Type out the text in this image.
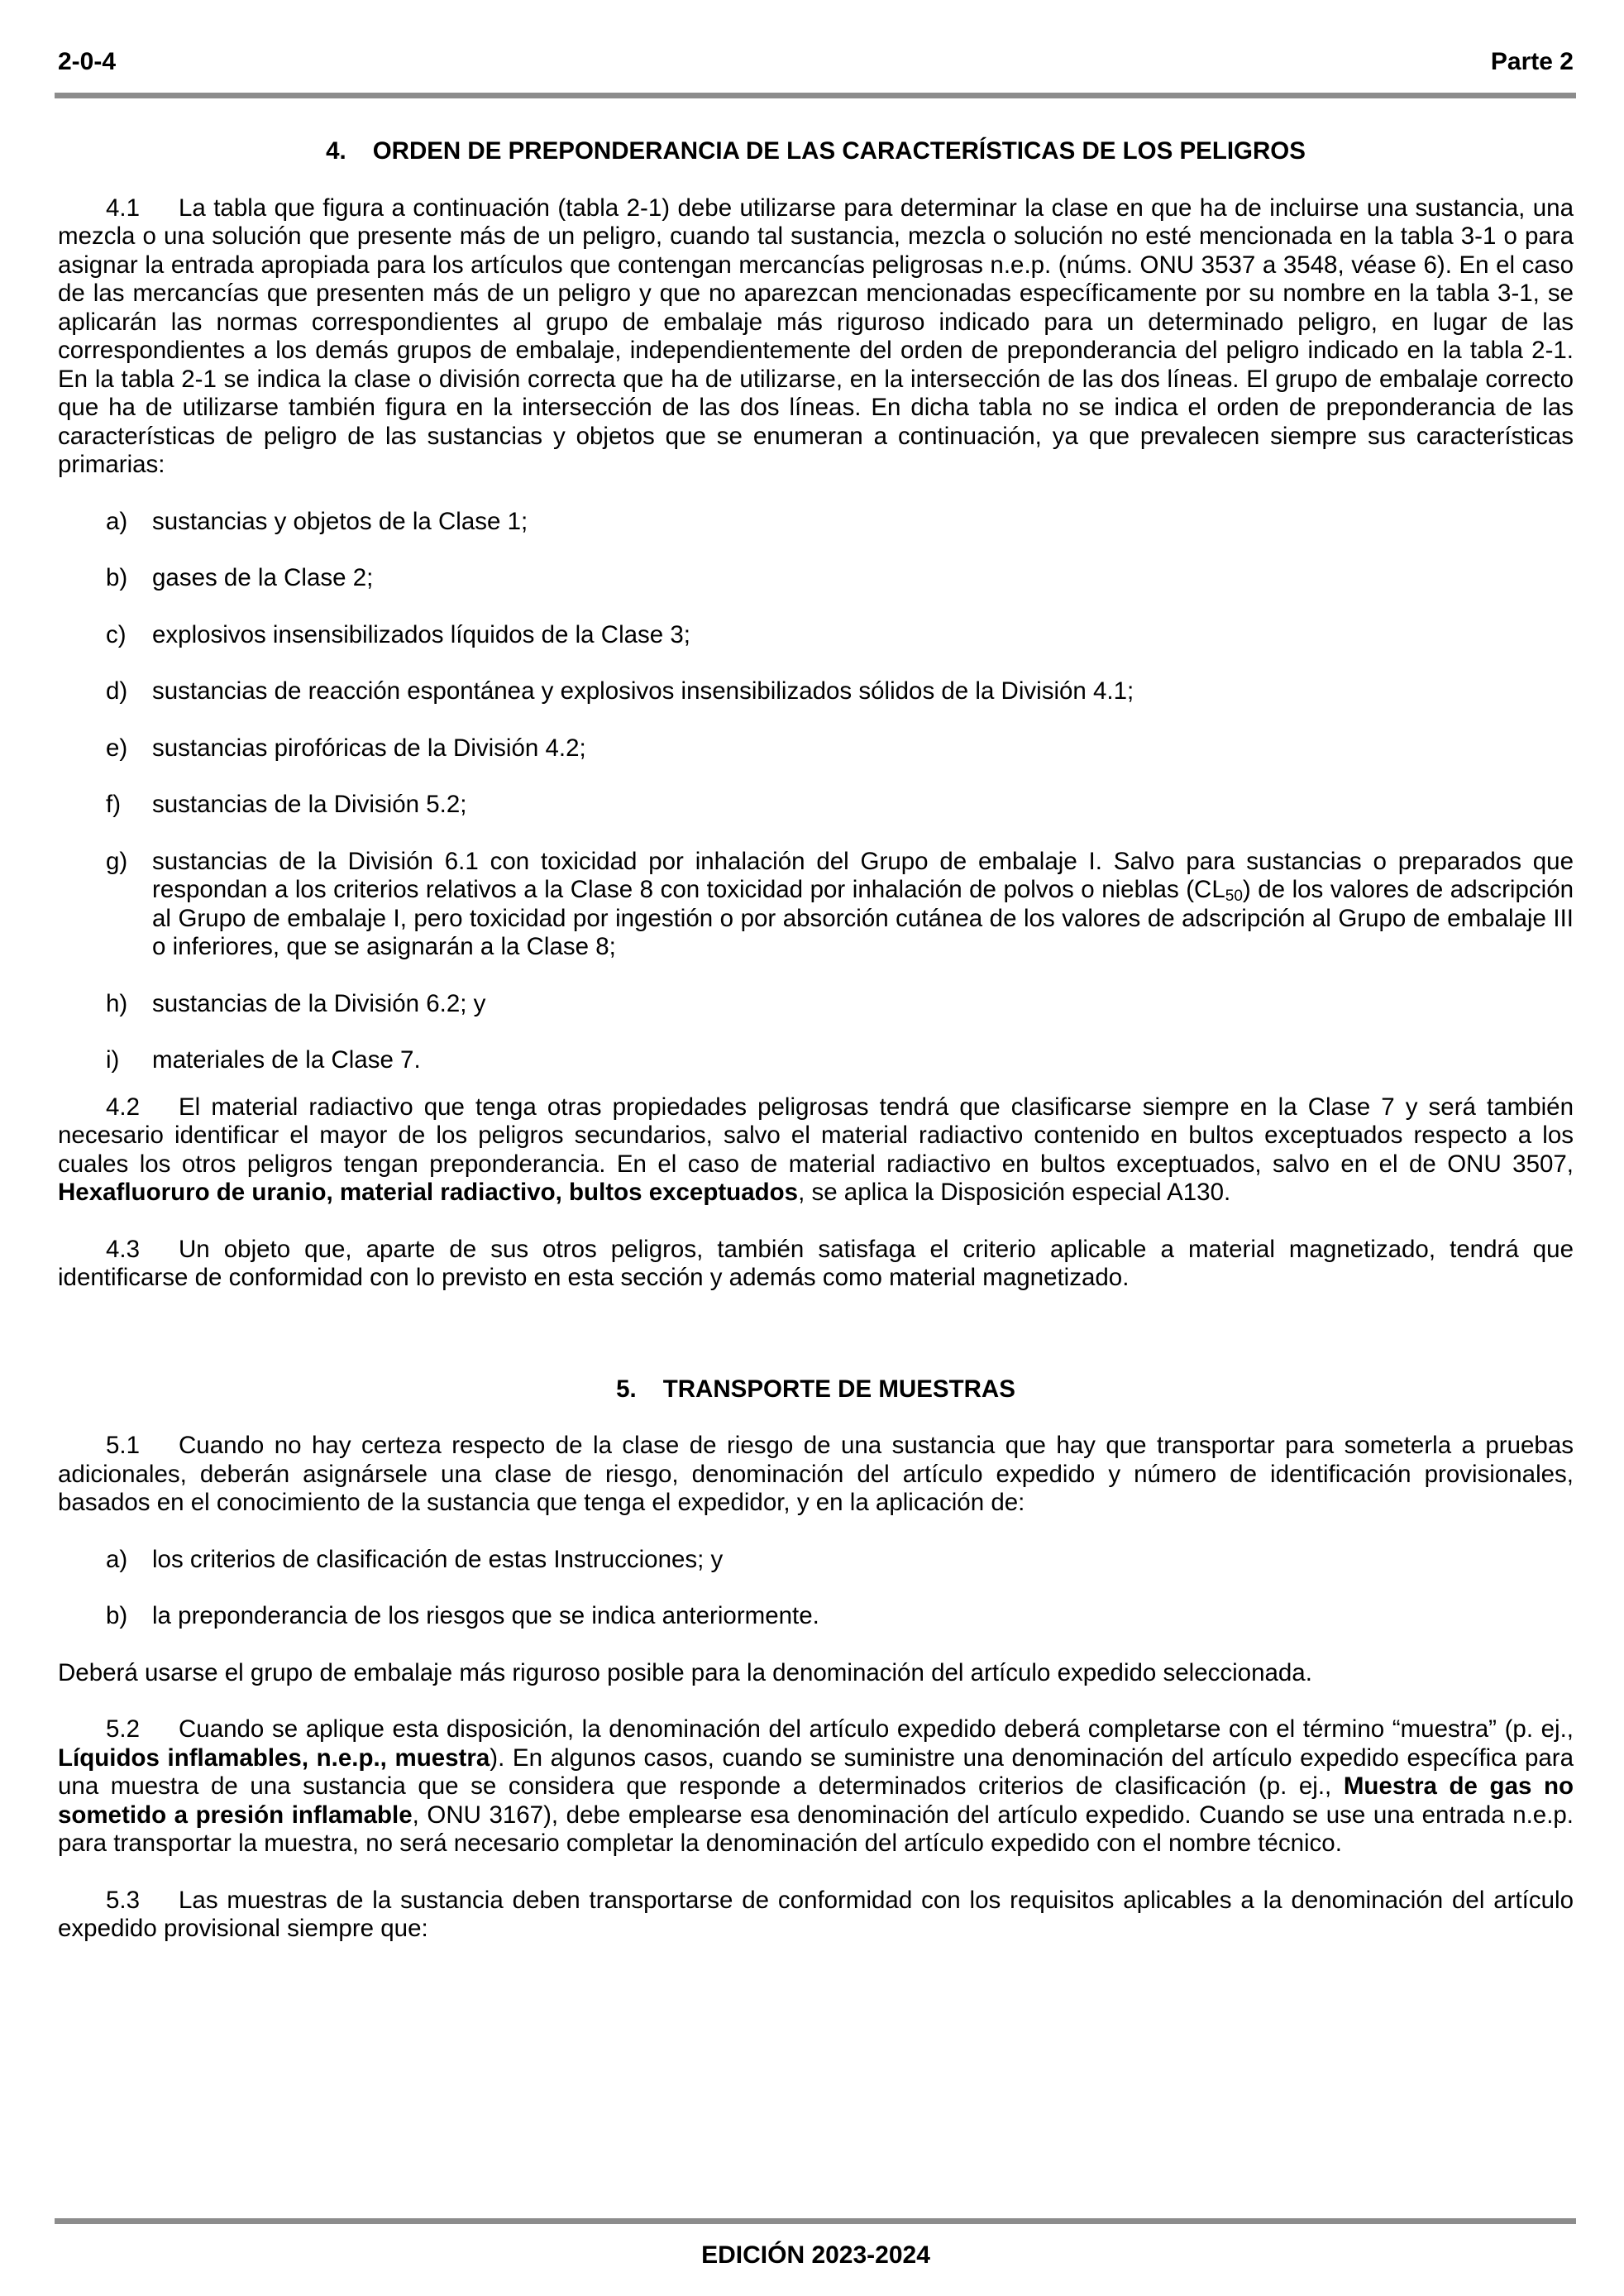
2-0-4	Parte 2
4. ORDEN DE PREPONDERANCIA DE LAS CARACTERÍSTICAS DE LOS PELIGROS

4.1 La tabla que figura a continuación (tabla 2-1) debe utilizarse para determinar la clase en que ha de incluirse una sustancia, una mezcla o una solución que presente más de un peligro, cuando tal sustancia, mezcla o solución no esté mencionada en la tabla 3-1 o para asignar la entrada apropiada para los artículos que contengan mercancías peligrosas n.e.p. (núms. ONU 3537 a 3548, véase 6). En el caso de las mercancías que presenten más de un peligro y que no aparezcan mencionadas específicamente por su nombre en la tabla 3-1, se aplicarán las normas correspondientes al grupo de embalaje más riguroso indicado para un determinado peligro, en lugar de las correspondientes a los demás grupos de embalaje, independientemente del orden de preponderancia del peligro indicado en la tabla 2-1. En la tabla 2-1 se indica la clase o división correcta que ha de utilizarse, en la intersección de las dos líneas. El grupo de embalaje correcto que ha de utilizarse también figura en la intersección de las dos líneas. En dicha tabla no se indica el orden de preponderancia de las características de peligro de las sustancias y objetos que se enumeran a continuación, ya que prevalecen siempre sus características primarias:

a) sustancias y objetos de la Clase 1;
b) gases de la Clase 2;
c) explosivos insensibilizados líquidos de la Clase 3;
d) sustancias de reacción espontánea y explosivos insensibilizados sólidos de la División 4.1;
e) sustancias pirofóricas de la División 4.2;
f) sustancias de la División 5.2;
g) sustancias de la División 6.1 con toxicidad por inhalación del Grupo de embalaje I. Salvo para sustancias o preparados que respondan a los criterios relativos a la Clase 8 con toxicidad por inhalación de polvos o nieblas $(CL_{50})$ de los valores de adscripción al Grupo de embalaje I, pero toxicidad por ingestión o por absorción cutánea de los valores de adscripción al Grupo de embalaje III o inferiores, que se asignarán a la Clase 8;
h) sustancias de la División 6.2; y
i) materiales de la Clase 7.

4.2 El material radiactivo que tenga otras propiedades peligrosas tendrá que clasificarse siempre en la Clase 7 y será también necesario identificar el mayor de los peligros secundarios, salvo el material radiactivo contenido en bultos exceptuados respecto a los cuales los otros peligros tengan preponderancia. En el caso de material radiactivo en bultos exceptuados, salvo en el de ONU 3507, Hexafluoruro de uranio, material radiactivo, bultos exceptuados, se aplica la Disposición especial A130.

4.3 Un objeto que, aparte de sus otros peligros, también satisfaga el criterio aplicable a material magnetizado, tendrá que identificarse de conformidad con lo previsto en esta sección y además como material magnetizado.

5. TRANSPORTE DE MUESTRAS

5.1 Cuando no hay certeza respecto de la clase de riesgo de una sustancia que hay que transportar para someterla a pruebas adicionales, deberán asignársele una clase de riesgo, denominación del artículo expedido y número de identificación provisionales, basados en el conocimiento de la sustancia que tenga el expedidor, y en la aplicación de:

a) los criterios de clasificación de estas Instrucciones; y
b) la preponderancia de los riesgos que se indica anteriormente.

Deberá usarse el grupo de embalaje más riguroso posible para la denominación del artículo expedido seleccionada.

5.2 Cuando se aplique esta disposición, la denominación del artículo expedido deberá completarse con el término “muestra” (p. ej., Líquidos inflamables, n.e.p., muestra). En algunos casos, cuando se suministre una denominación del artículo expedido específica para una muestra de una sustancia que se considera que responde a determinados criterios de clasificación (p. ej., Muestra de gas no sometido a presión inflamable, ONU 3167), debe emplearse esa denominación del artículo expedido. Cuando se use una entrada n.e.p. para transportar la muestra, no será necesario completar la denominación del artículo expedido con el nombre técnico.

5.3 Las muestras de la sustancia deben transportarse de conformidad con los requisitos aplicables a la denominación del artículo expedido provisional siempre que:

EDICIÓN 2023-2024
